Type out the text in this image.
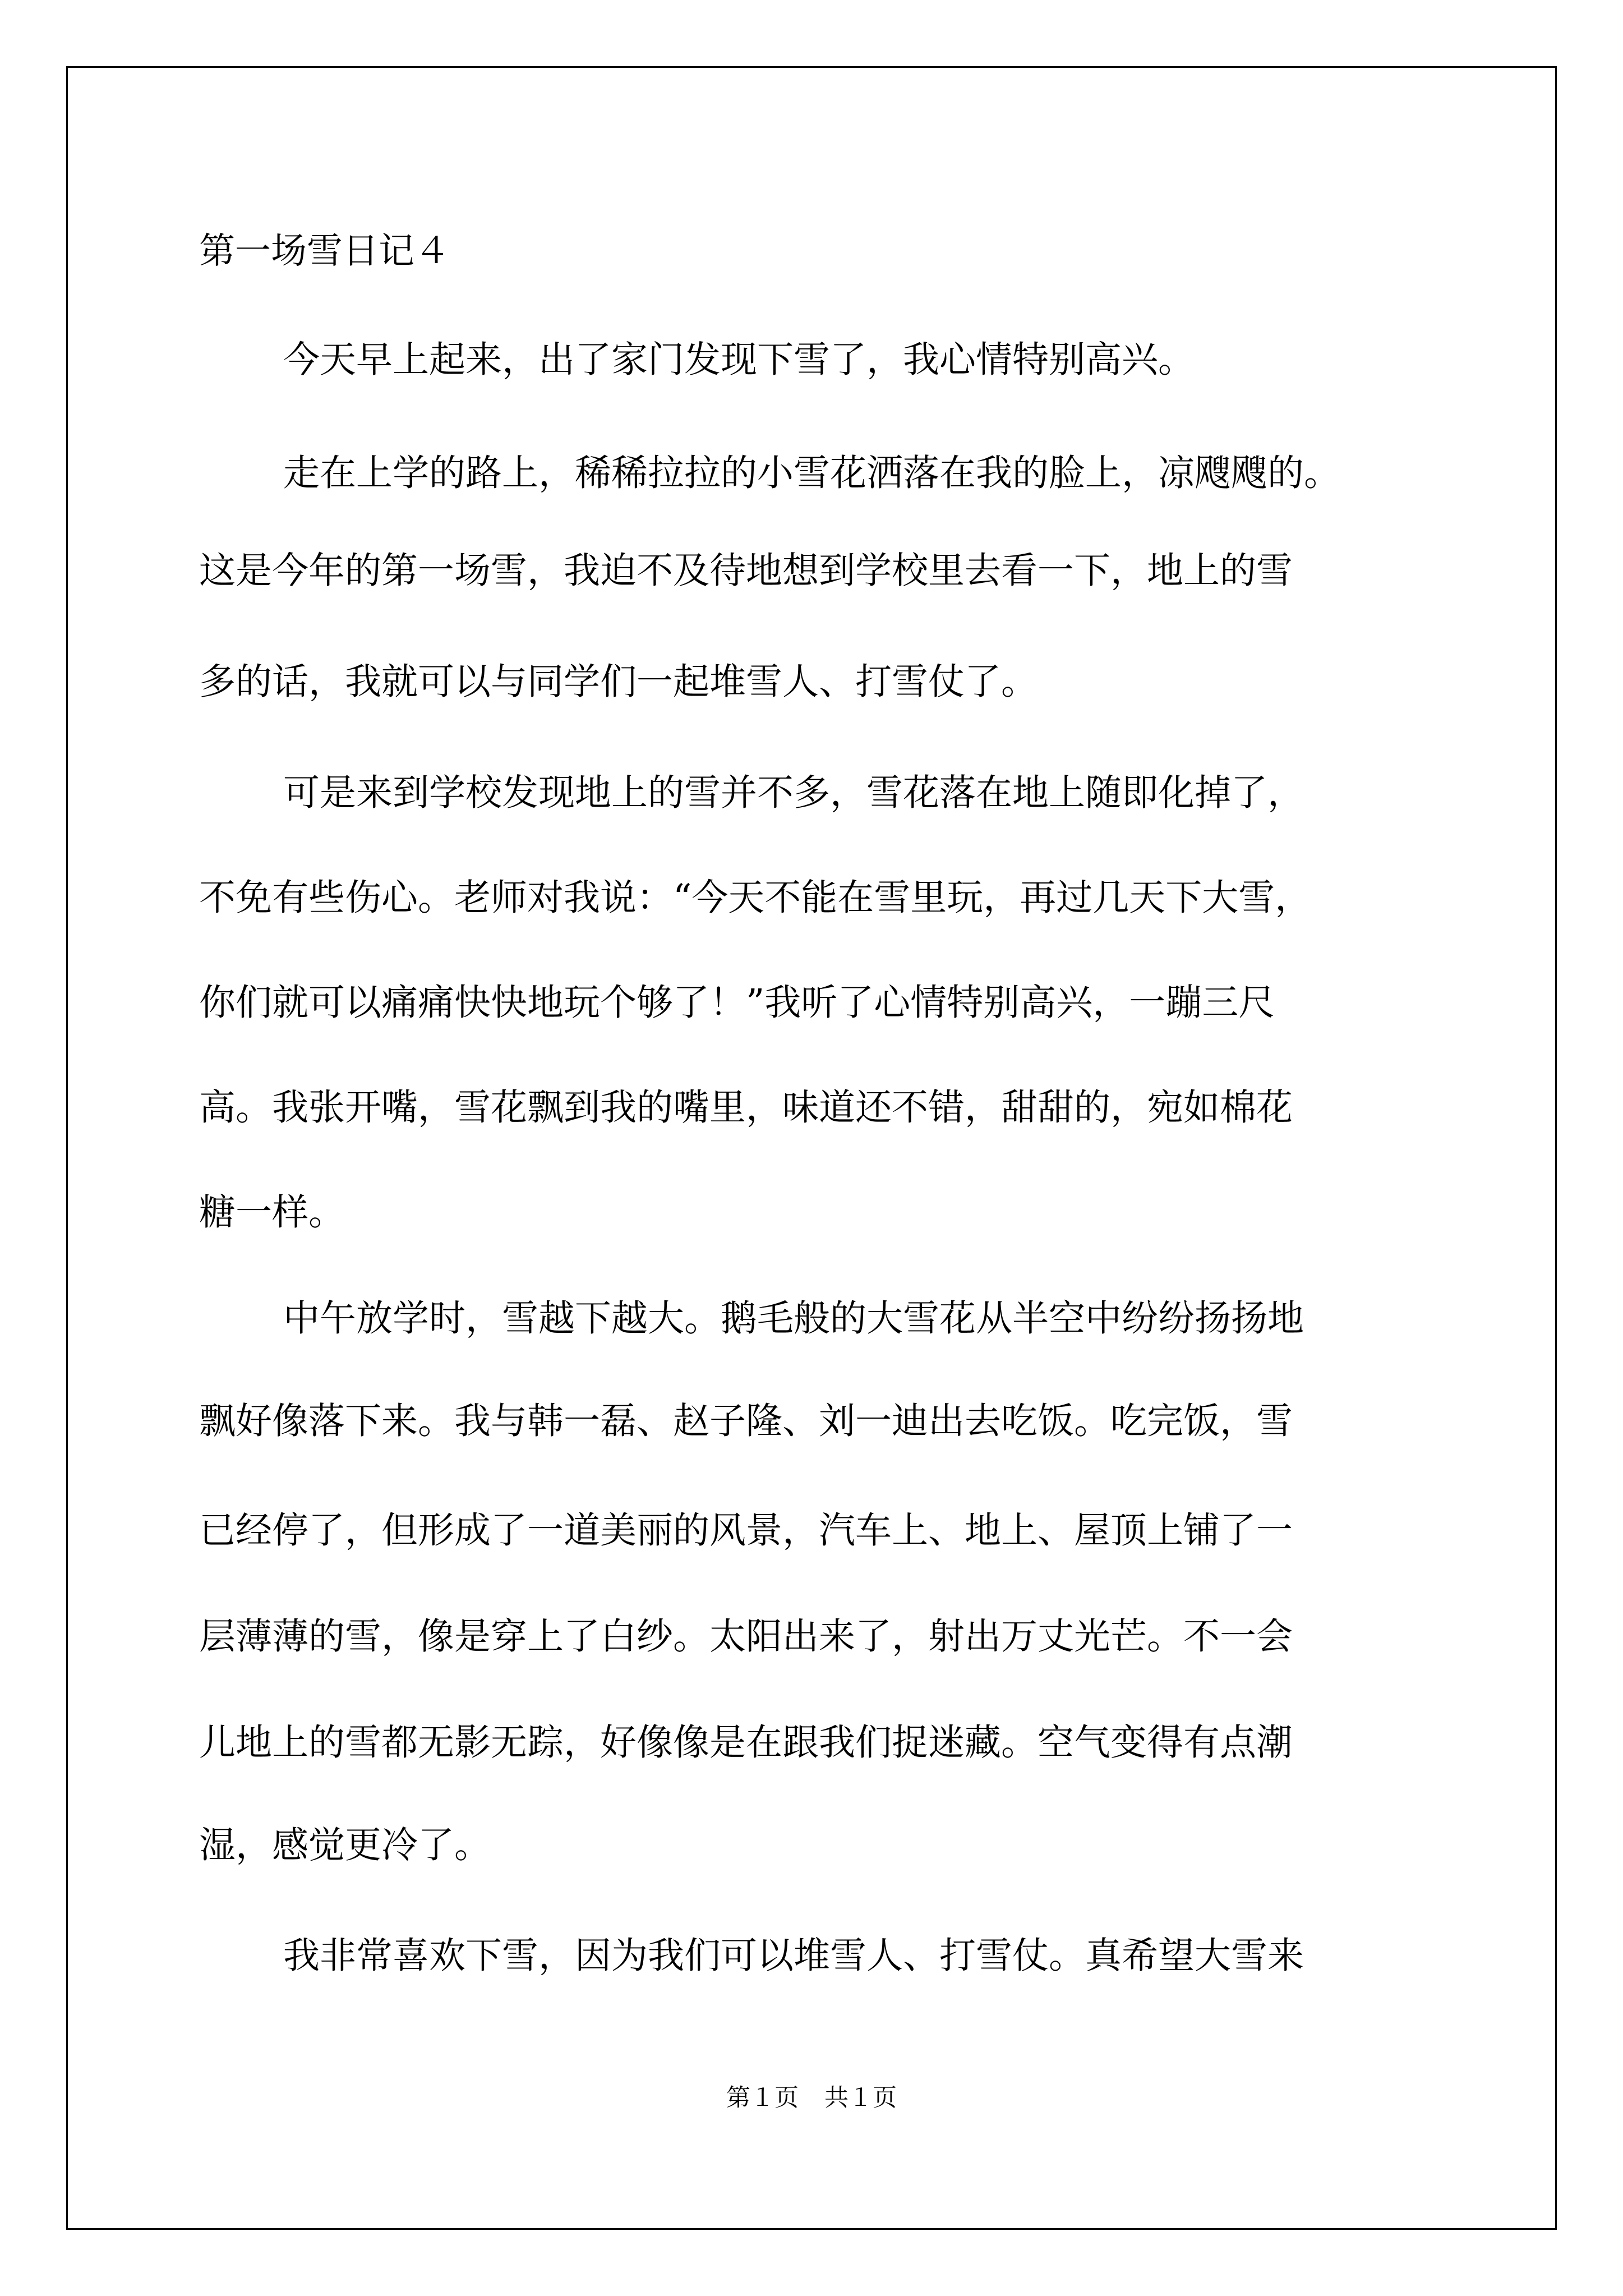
第一场雪日记４

今天早上起来，出了家门发现下雪了，我心情特别高兴。

走在上学的路上，稀稀拉拉的小雪花洒落在我的脸上，凉飕飕的。

这是今年的第一场雪，我迫不及待地想到学校里去看一下，地上的雪

多的话，我就可以与同学们一起堆雪人、打雪仗了。

可是来到学校发现地上的雪并不多，雪花落在地上随即化掉了，

不免有些伤心。老师对我说：“今天不能在雪里玩，再过几天下大雪，

你们就可以痛痛快快地玩个够了！”我听了心情特别高兴，一蹦三尺

高。我张开嘴，雪花飘到我的嘴里，味道还不错，甜甜的，宛如棉花

糖一样。

中午放学时，雪越下越大。鹅毛般的大雪花从半空中纷纷扬扬地

飘好像落下来。我与韩一磊、赵子隆、刘一迪出去吃饭。吃完饭，雪

已经停了，但形成了一道美丽的风景，汽车上、地上、屋顶上铺了一

层薄薄的雪，像是穿上了白纱。太阳出来了，射出万丈光芒。不一会

儿地上的雪都无影无踪，好像像是在跟我们捉迷藏。空气变得有点潮

湿，感觉更冷了。

我非常喜欢下雪，因为我们可以堆雪人、打雪仗。真希望大雪来

第１页 共１页
